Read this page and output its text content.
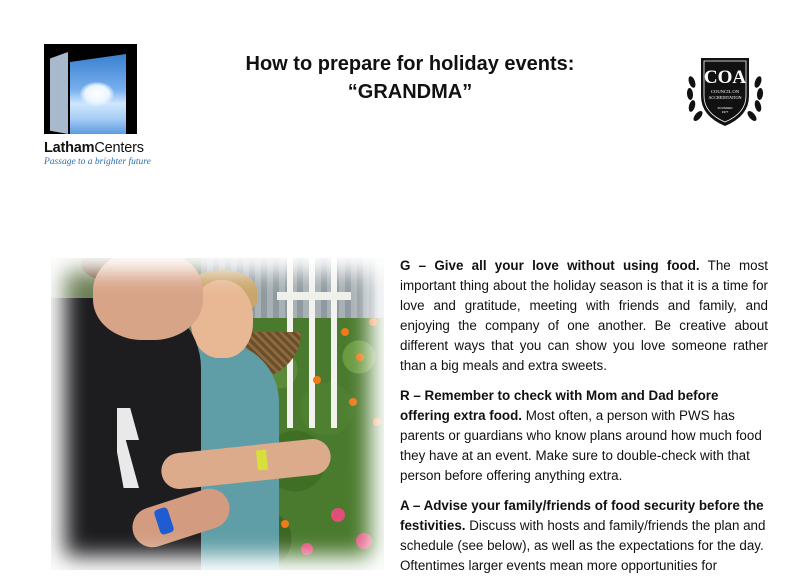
LathamCenters
Passage to a brighter future
How to prepare for holiday events:
“GRANDMA”
COA
COUNCIL ON
ACCREDITATION
FOUNDED
1977

G – Give all your love without using food. The most important thing about the holiday season is that it is a time for love and gratitude, meeting with friends and family, and enjoying the company of one another. Be creative about different ways that you can show you love someone rather than a big meals and extra sweets.

R – Remember to check with Mom and Dad before offering extra food. Most often, a person with PWS has parents or guardians who know plans around how much food they have at an event. Make sure to double-check with that person before offering anything extra.

A – Advise your family/friends of food security before the festivities. Discuss with hosts and family/friends the plan and schedule (see below), as well as the expectations for the day. Oftentimes larger events mean more opportunities for
